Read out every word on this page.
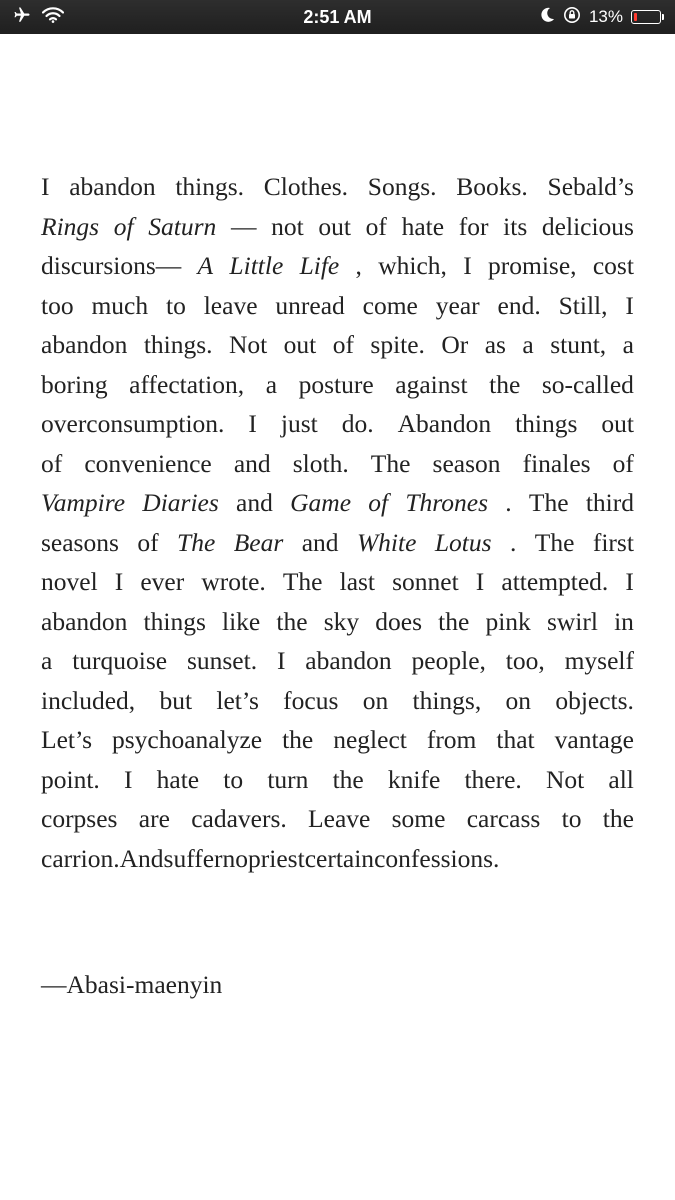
2:51 AM	13%
I abandon things. Clothes. Songs. Books. Sebald’s
Rings of Saturn — not out of hate for its delicious
discursions— A Little Life , which, I promise, cost
too much to leave unread come year end. Still, I
abandon things. Not out of spite. Or as a stunt, a
boring affectation, a posture against the so-called
overconsumption. I just do. Abandon things out
of convenience and sloth. The season finales of
Vampire Diaries and Game of Thrones . The third
seasons of The Bear and White Lotus . The first
novel I ever wrote. The last sonnet I attempted. I
abandon things like the sky does the pink swirl in
a turquoise sunset. I abandon people, too, myself
included, but let’s focus on things, on objects.
Let’s psychoanalyze the neglect from that vantage
point. I hate to turn the knife there. Not all
corpses are cadavers. Leave some carcass to the
carrion.Andsuffernopriestcertainconfessions.
—Abasi-maenyin
